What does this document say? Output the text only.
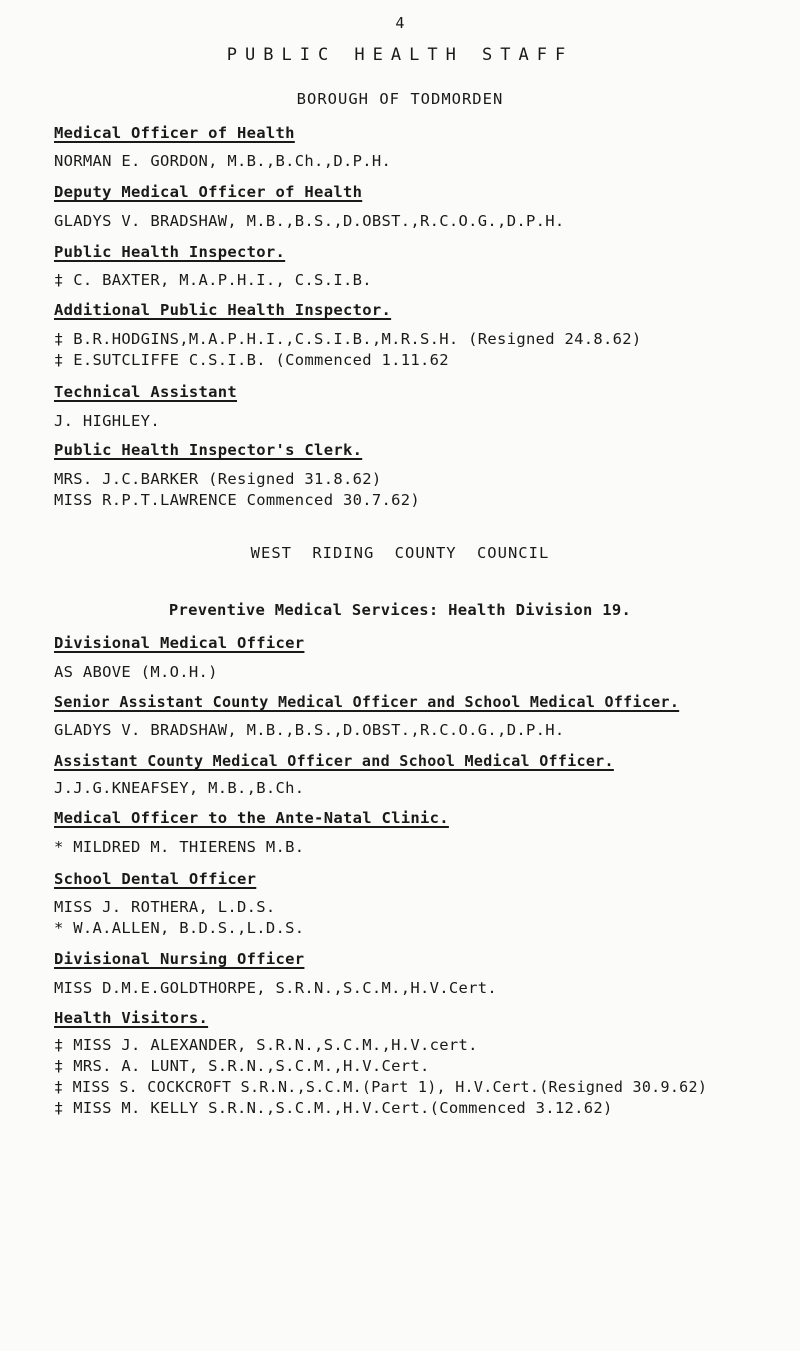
4
PUBLIC HEALTH STAFF
BOROUGH OF TODMORDEN
Medical Officer of Health
NORMAN E. GORDON, M.B.,B.Ch.,D.P.H.
Deputy Medical Officer of Health
GLADYS V. BRADSHAW, M.B.,B.S.,D.OBST.,R.C.O.G.,D.P.H.
Public Health Inspector.
‡ C. BAXTER, M.A.P.H.I., C.S.I.B.
Additional Public Health Inspector.
‡ B.R.HODGINS,M.A.P.H.I.,C.S.I.B.,M.R.S.H. (Resigned 24.8.62)
‡ E.SUTCLIFFE C.S.I.B. (Commenced 1.11.62
Technical Assistant
J. HIGHLEY.
Public Health Inspector's Clerk.
MRS. J.C.BARKER (Resigned 31.8.62)
MISS R.P.T.LAWRENCE Commenced 30.7.62)
WEST RIDING COUNTY COUNCIL
Preventive Medical Services: Health Division 19.
Divisional Medical Officer
AS ABOVE (M.O.H.)
Senior Assistant County Medical Officer and School Medical Officer.
GLADYS V. BRADSHAW, M.B.,B.S.,D.OBST.,R.C.O.G.,D.P.H.
Assistant County Medical Officer and School Medical Officer.
J.J.G.KNEAFSEY, M.B.,B.Ch.
Medical Officer to the Ante-Natal Clinic.
* MILDRED M. THIERENS M.B.
School Dental Officer
MISS J. ROTHERA, L.D.S.
* W.A.ALLEN, B.D.S.,L.D.S.
Divisional Nursing Officer
MISS D.M.E.GOLDTHORPE, S.R.N.,S.C.M.,H.V.Cert.
Health Visitors.
‡ MISS J. ALEXANDER, S.R.N.,S.C.M.,H.V.cert.
‡ MRS. A. LUNT, S.R.N.,S.C.M.,H.V.Cert.
‡ MISS S. COCKCROFT S.R.N.,S.C.M.(Part 1), H.V.Cert.(Resigned 30.9.62)
‡ MISS M. KELLY S.R.N.,S.C.M.,H.V.Cert.(Commenced 3.12.62)
